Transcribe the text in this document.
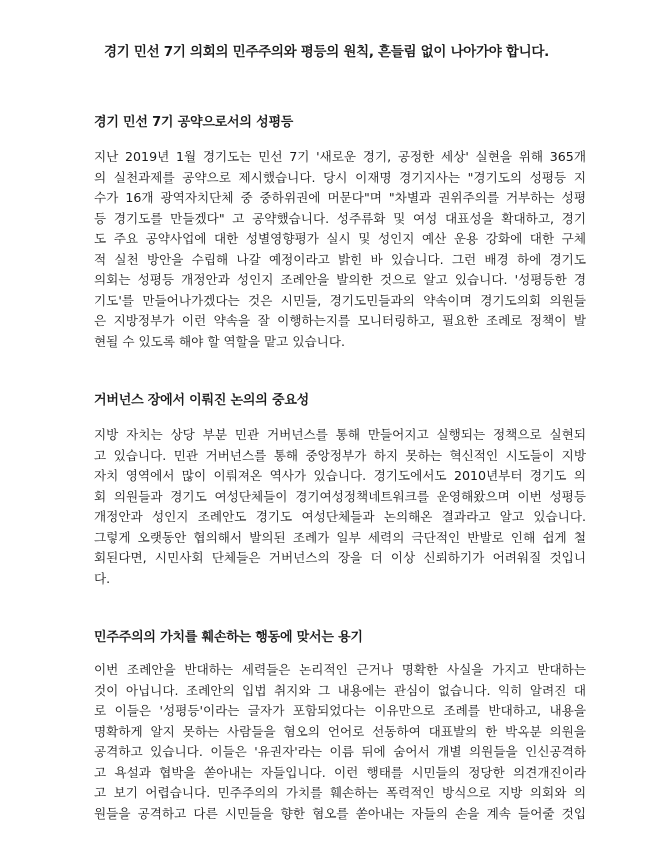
경기 민선 7기 의회의 민주주의와 평등의 원칙, 흔들림 없이 나아가야 합니다.
경기 민선 7기 공약으로서의 성평등

지난 2019년 1월 경기도는 민선 7기 '새로운 경기, 공정한 세상' 실현을 위해 365개
의 실천과제를 공약으로 제시했습니다. 당시 이재명 경기지사는 "경기도의 성평등 지
수가 16개 광역자치단체 중 중하위권에 머문다"며 "차별과 권위주의를 거부하는 성평
등 경기도를 만들겠다" 고 공약했습니다. 성주류화 및 여성 대표성을 확대하고, 경기
도 주요 공약사업에 대한 성별영향평가 실시 및 성인지 예산 운용 강화에 대한 구체
적 실천 방안을 수립해 나갈 예정이라고 밝힌 바 있습니다. 그런 배경 하에 경기도
의회는 성평등 개정안과 성인지 조례안을 발의한 것으로 알고 있습니다. '성평등한 경
기도'를 만들어나가겠다는 것은 시민들, 경기도민들과의 약속이며 경기도의회 의원들
은 지방정부가 이런 약속을 잘 이행하는지를 모니터링하고, 필요한 조례로 정책이 발
현될 수 있도록 해야 할 역할을 맡고 있습니다.

거버넌스 장에서 이뤄진 논의의 중요성

지방 자치는 상당 부분 민관 거버넌스를 통해 만들어지고 실행되는 정책으로 실현되
고 있습니다. 민관 거버넌스를 통해 중앙정부가 하지 못하는 혁신적인 시도들이 지방
자치 영역에서 많이 이뤄져온 역사가 있습니다. 경기도에서도 2010년부터 경기도 의
회 의원들과 경기도 여성단체들이 경기여성정책네트워크를 운영해왔으며 이번 성평등
개정안과 성인지 조례안도 경기도 여성단체들과 논의해온 결과라고 알고 있습니다.
그렇게 오랫동안 협의해서 발의된 조례가 일부 세력의 극단적인 반발로 인해 쉽게 철
회된다면, 시민사회 단체들은 거버넌스의 장을 더 이상 신뢰하기가 어려워질 것입니
다.

민주주의의 가치를 훼손하는 행동에 맞서는 용기

이번 조례안을 반대하는 세력들은 논리적인 근거나 명확한 사실을 가지고 반대하는
것이 아닙니다. 조례안의 입법 취지와 그 내용에는 관심이 없습니다. 익히 알려진 대
로 이들은 '성평등'이라는 글자가 포함되었다는 이유만으로 조례를 반대하고, 내용을
명확하게 알지 못하는 사람들을 혐오의 언어로 선동하여 대표발의 한 박옥분 의원을
공격하고 있습니다. 이들은 '유권자'라는 이름 뒤에 숨어서 개별 의원들을 인신공격하
고 욕설과 협박을 쏟아내는 자들입니다. 이런 행태를 시민들의 정당한 의견개진이라
고 보기 어렵습니다. 민주주의의 가치를 훼손하는 폭력적인 방식으로 지방 의회와 의
원들을 공격하고 다른 시민들을 향한 혐오를 쏟아내는 자들의 손을 계속 들어줄 것입
